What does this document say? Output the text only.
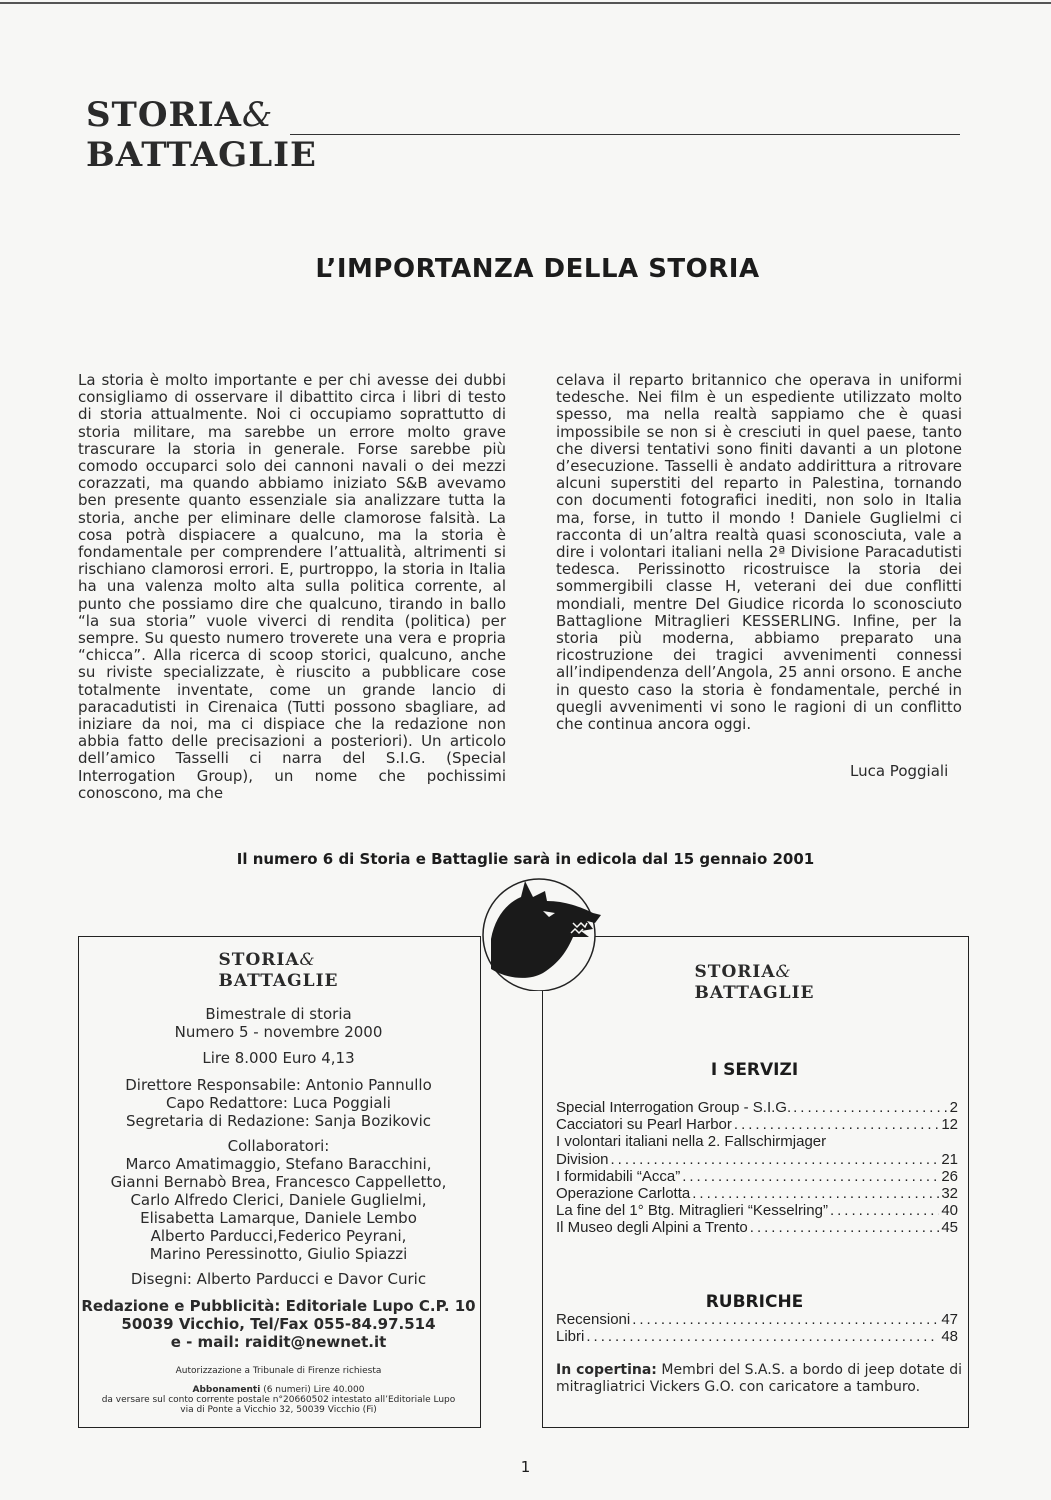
STORIA&
BATTAGLIE
L’IMPORTANZA DELLA STORIA
La storia è molto importante e per chi avesse dei dubbi consigliamo di osservare il dibattito circa i libri di testo di storia attualmente. Noi ci occupiamo soprattutto di storia militare, ma sarebbe un errore molto grave trascurare la storia in generale. Forse sarebbe più comodo occuparci solo dei cannoni navali o dei mezzi corazzati, ma quando abbiamo iniziato S&B avevamo ben presente quanto essenziale sia analizzare tutta la storia, anche per eliminare delle clamorose falsità. La cosa potrà dispiacere a qualcuno, ma la storia è fondamentale per comprendere l’attualità, altrimenti si rischiano clamorosi errori. E, purtroppo, la storia in Italia ha una valenza molto alta sulla politica corrente, al punto che possiamo dire che qualcuno, tirando in ballo “la sua storia” vuole viverci di rendita (politica) per sempre. Su questo numero troverete una vera e propria “chicca”. Alla ricerca di scoop storici, qualcuno, anche su riviste specializzate, è riuscito a pubblicare cose totalmente inventate, come un grande lancio di paracadutisti in Cirenaica (Tutti possono sbagliare, ad iniziare da noi, ma ci dispiace che la redazione non abbia fatto delle precisazioni a posteriori). Un articolo dell’amico Tasselli ci narra del S.I.G. (Special Interrogation Group), un nome che pochissimi conoscono, ma che
celava il reparto britannico che operava in uniformi tedesche. Nei film è un espediente utilizzato molto spesso, ma nella realtà sappiamo che è quasi impossibile se non si è cresciuti in quel paese, tanto che diversi tentativi sono finiti davanti a un plotone d’esecuzione. Tasselli è andato addirittura a ritrovare alcuni superstiti del reparto in Palestina, tornando con documenti fotografici inediti, non solo in Italia ma, forse, in tutto il mondo ! Daniele Guglielmi ci racconta di un’altra realtà quasi sconosciuta, vale a dire i volontari italiani nella 2ª Divisione Paracadutisti tedesca. Perissinotto ricostruisce la storia dei sommergibili classe H, veterani dei due conflitti mondiali, mentre Del Giudice ricorda lo sconosciuto Battaglione Mitraglieri KESSERLING. Infine, per la storia più moderna, abbiamo preparato una ricostruzione dei tragici avvenimenti connessi all’indipendenza dell’Angola, 25 anni orsono. E anche in questo caso la storia è fondamentale, perché in quegli avvenimenti vi sono le ragioni di un conflitto che continua ancora oggi.
Luca Poggiali
Il numero 6 di Storia e Battaglie sarà in edicola dal 15 gennaio 2001
STORIA&
BATTAGLIE
Bimestrale di storia
Numero 5 - novembre 2000
Lire 8.000 Euro 4,13
Direttore Responsabile: Antonio Pannullo
Capo Redattore: Luca Poggiali
Segretaria di Redazione: Sanja Bozikovic
Collaboratori:
Marco Amatimaggio, Stefano Baracchini,
Gianni Bernabò Brea, Francesco Cappelletto,
Carlo Alfredo Clerici, Daniele Guglielmi,
Elisabetta Lamarque, Daniele Lembo
Alberto Parducci,Federico Peyrani,
Marino Peressinotto, Giulio Spiazzi
Disegni: Alberto Parducci e Davor Curic
Redazione e Pubblicità: Editoriale Lupo C.P. 10
50039 Vicchio, Tel/Fax 055-84.97.514
e - mail: raidit@newnet.it
Autorizzazione a Tribunale di Firenze richiesta
Abbonamenti (6 numeri) Lire 40.000
da versare sul conto corrente postale n°20660502 intestato all’Editoriale Lupo
via di Ponte a Vicchio 32, 50039 Vicchio (Fi)
STORIA&
BATTAGLIE
I SERVIZI
Special Interrogation Group - S.I.G. .....	2
Cacciatori su Pearl Harbor .....	12
I volontari italiani nella 2. Fallschirmjager
Division .....	21
I formidabili “Acca” .....	26
Operazione Carlotta .....	32
La fine del 1° Btg. Mitraglieri “Kesselring” .....	40
Il Museo degli Alpini a Trento .....	45
RUBRICHE
Recensioni .....	47
Libri .....	48
In copertina: Membri del S.A.S. a bordo di jeep dotate di mitragliatrici Vickers G.O. con caricatore a tamburo.
1
